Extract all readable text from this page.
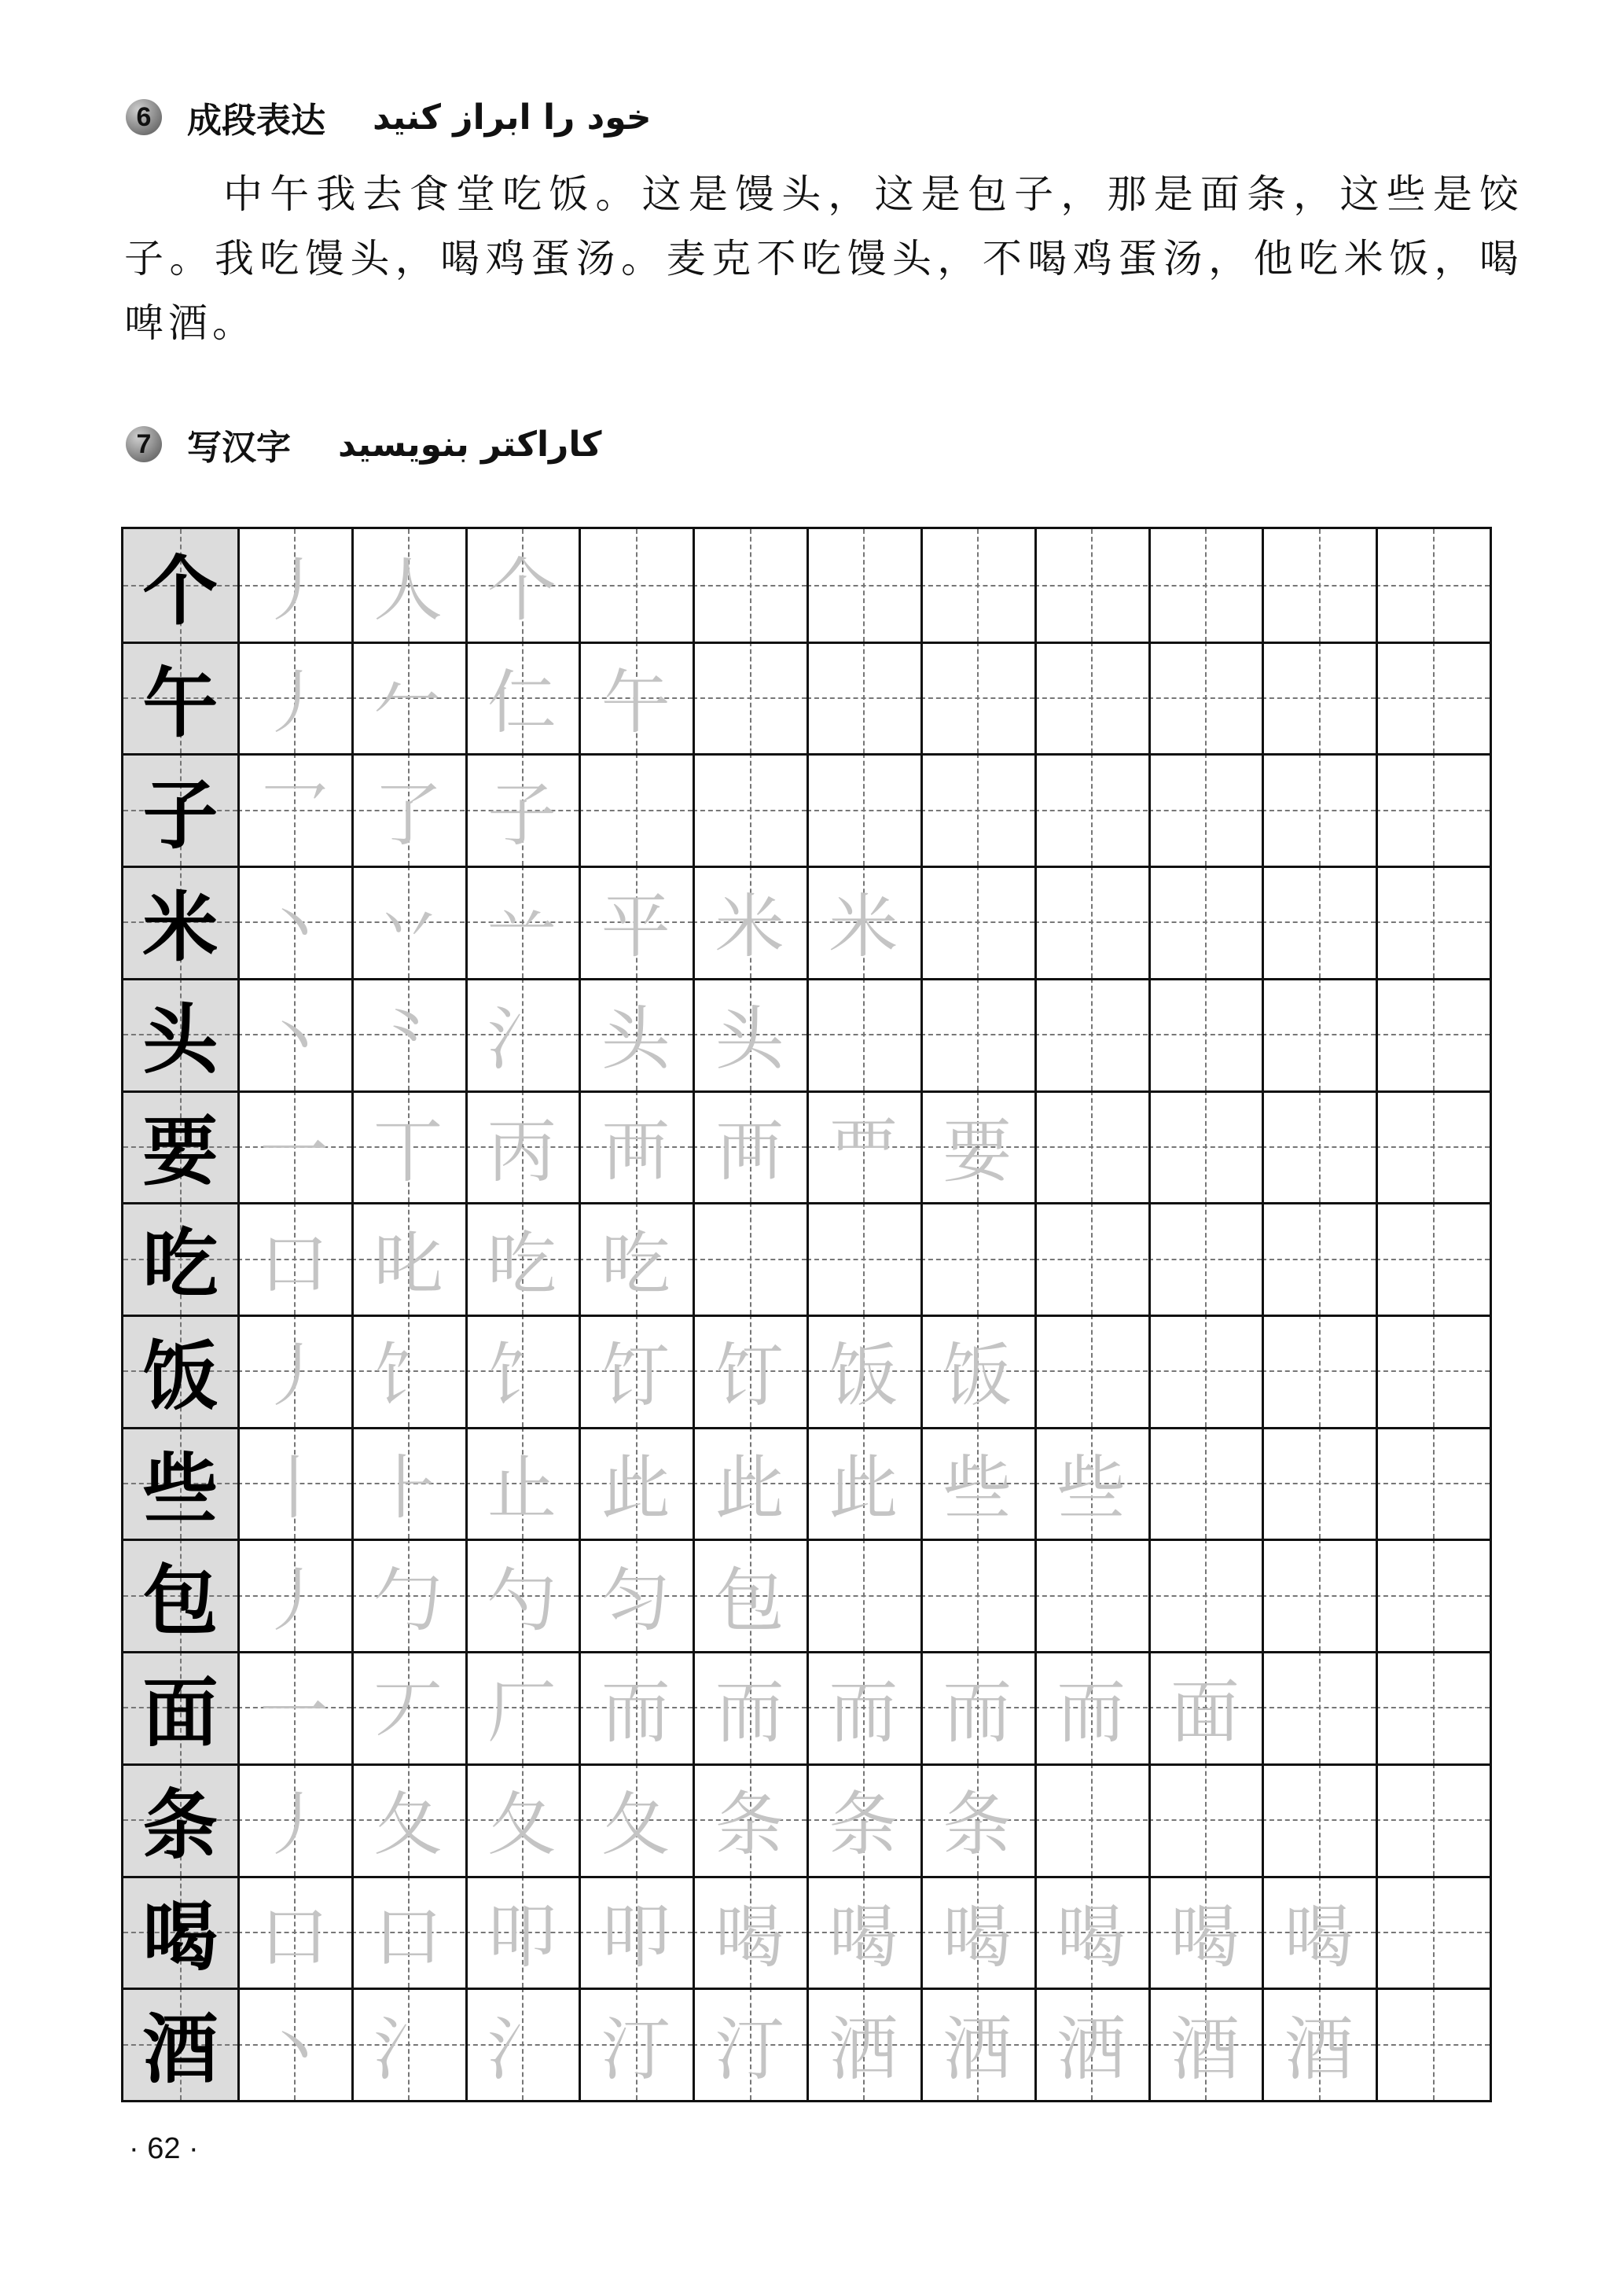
6	成段表达 خود را ابراز کنید
中午我去食堂吃饭。这是馒头，这是包子，那是面条，这些是饺子。我吃馒头，喝鸡蛋汤。麦克不吃馒头，不喝鸡蛋汤，他吃米饭，喝啤酒。
7	写汉字 کاراکتر بنویسید
个 丿 人 个
午 丿 𠂉 仁 午
子 乛 了 子
米 丶 丷 䒑 平 米 米
头 丶 ⺀ 氵 头 头
要 一 丅 丙 襾 襾 覀 要
吃 口 叱 吃 吃
饭 丿 饣 饣 饤 饤 饭 饭
些 丨 ⺊ 止 此 此 此 些 些
包 丿 勹 勺 匀 包
面 一 丆 厂 而 而 而 而 而 面
条 丿 夂 夂 夂 条 条 条
喝 口 口 叩 叩 喝 喝 喝 喝 喝 喝
酒 丶 氵 氵 汀 汀 洒 洒 洒 酒 酒
· 62 ·
